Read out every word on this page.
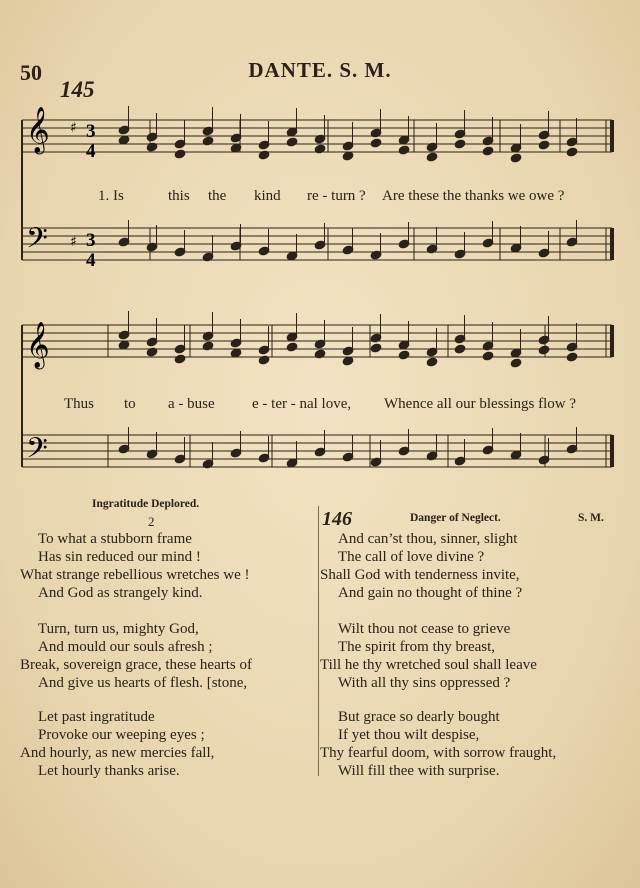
50	DANTE. S. M.
145
𝄞
𝄢
𝄞
𝄢
♯
♯
3
4
3
4
1. Is	this the kind re - turn ? Are these the thanks we owe ?
Thus to a - buse e - ter - nal love, Whence all our blessings flow ?
Ingratitude Deplored.
2
To what a stubborn frame
Has sin reduced our mind !
What strange rebellious wretches we !
And God as strangely kind.
Turn, turn us, mighty God,
And mould our souls afresh ;
Break, sovereign grace, these hearts of
And give us hearts of flesh. [stone,
Let past ingratitude
Provoke our weeping eyes ;
And hourly, as new mercies fall,
Let hourly thanks arise.
146	Danger of Neglect.	S. M.
And can’st thou, sinner, slight
The call of love divine ?
Shall God with tenderness invite,
And gain no thought of thine ?
Wilt thou not cease to grieve
The spirit from thy breast,
Till he thy wretched soul shall leave
With all thy sins oppressed ?
But grace so dearly bought
If yet thou wilt despise,
Thy fearful doom, with sorrow fraught,
Will fill thee with surprise.
